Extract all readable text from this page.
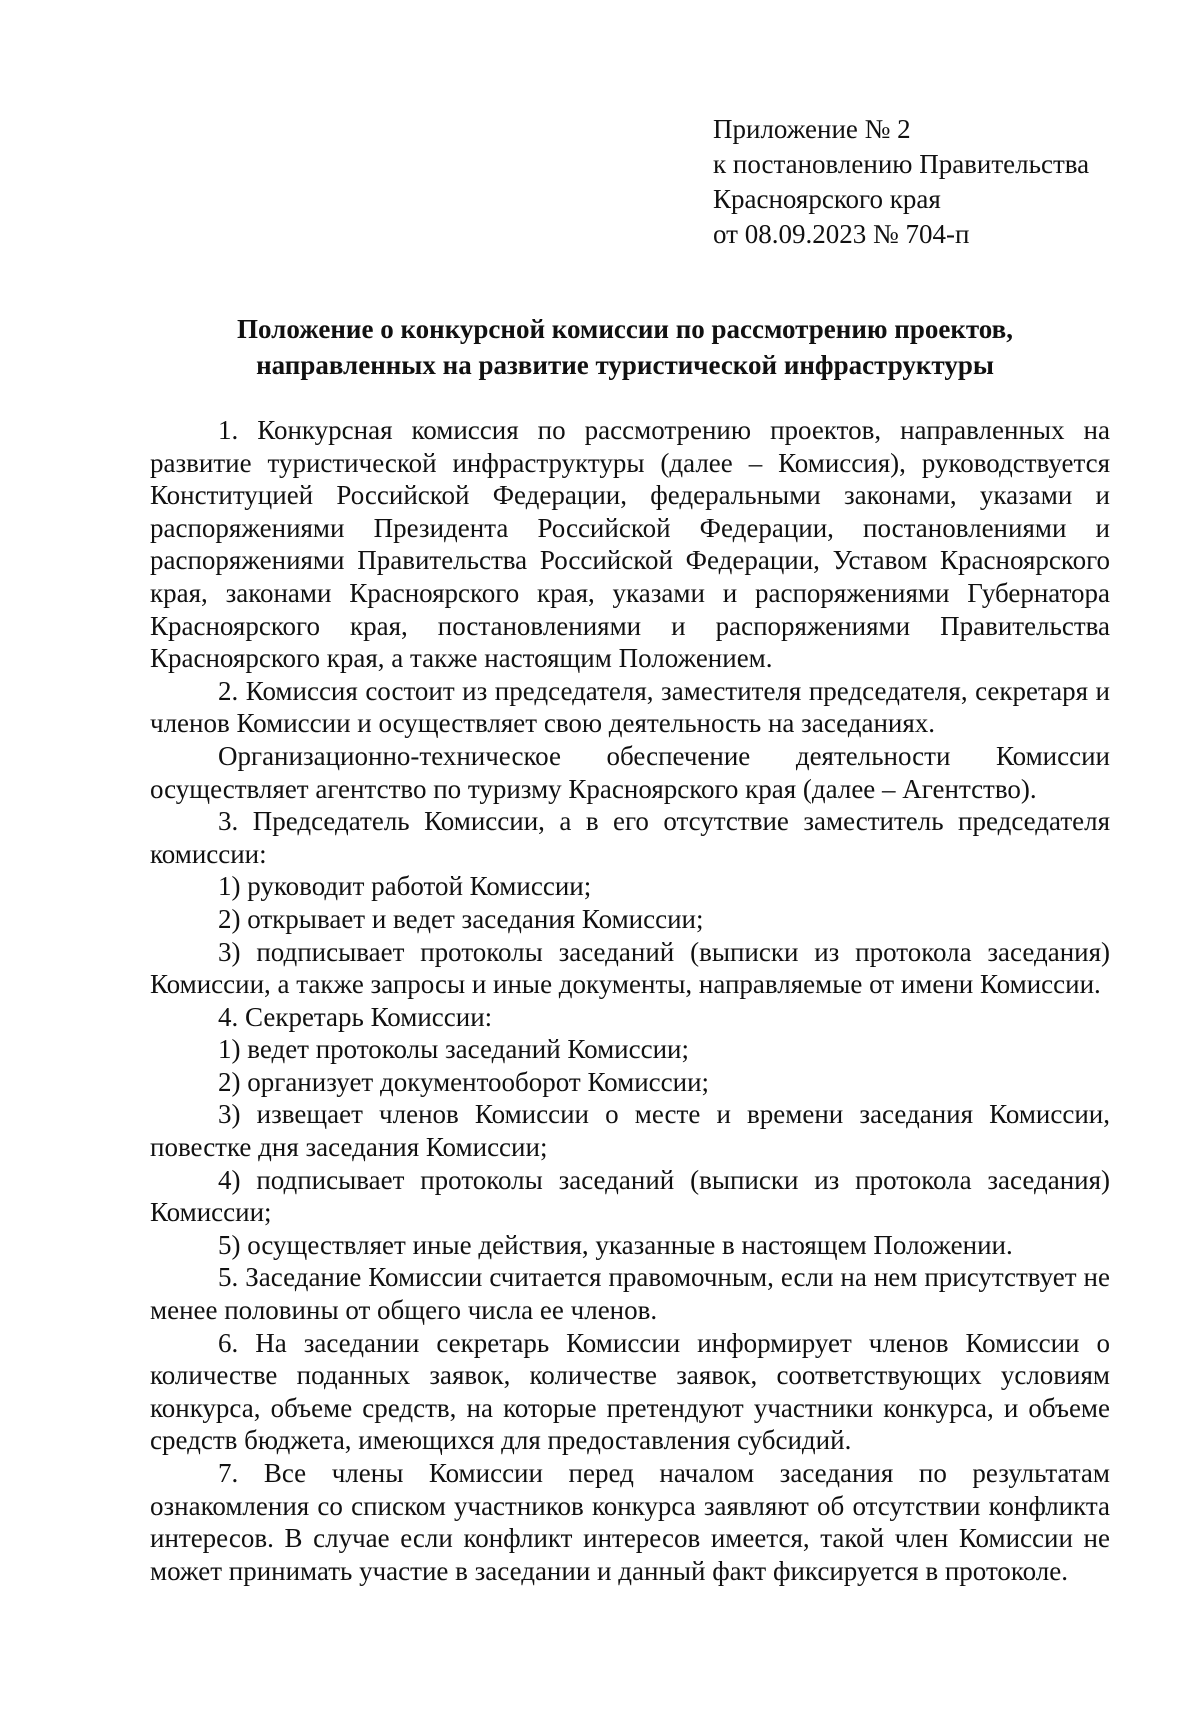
Приложение № 2
к постановлению Правительства
Красноярского края
от 08.09.2023 № 704-п
Положение о конкурсной комиссии по рассмотрению проектов,
направленных на развитие туристической инфраструктуры

1. Конкурсная комиссия по рассмотрению проектов, направленных на развитие туристической инфраструктуры (далее – Комиссия), руководствуется Конституцией Российской Федерации, федеральными законами, указами и распоряжениями Президента Российской Федерации, постановлениями и распоряжениями Правительства Российской Федерации, Уставом Красноярского края, законами Красноярского края, указами и распоряжениями Губернатора Красноярского края, постановлениями и распоряжениями Правительства Красноярского края, а также настоящим Положением.

2. Комиссия состоит из председателя, заместителя председателя, секретаря и членов Комиссии и осуществляет свою деятельность на заседаниях.

Организационно-техническое обеспечение деятельности Комиссии осуществляет агентство по туризму Красноярского края (далее – Агентство).

3. Председатель Комиссии, а в его отсутствие заместитель председателя комиссии:

1) руководит работой Комиссии;

2) открывает и ведет заседания Комиссии;

3) подписывает протоколы заседаний (выписки из протокола заседания) Комиссии, а также запросы и иные документы, направляемые от имени Комиссии.

4. Секретарь Комиссии:

1) ведет протоколы заседаний Комиссии;

2) организует документооборот Комиссии;

3) извещает членов Комиссии о месте и времени заседания Комиссии, повестке дня заседания Комиссии;

4) подписывает протоколы заседаний (выписки из протокола заседания) Комиссии;

5) осуществляет иные действия, указанные в настоящем Положении.

5. Заседание Комиссии считается правомочным, если на нем присутствует не менее половины от общего числа ее членов.

6. На заседании секретарь Комиссии информирует членов Комиссии о количестве поданных заявок, количестве заявок, соответствующих условиям конкурса, объеме средств, на которые претендуют участники конкурса, и объеме средств бюджета, имеющихся для предоставления субсидий.

7. Все члены Комиссии перед началом заседания по результатам ознакомления со списком участников конкурса заявляют об отсутствии конфликта интересов. В случае если конфликт интересов имеется, такой член Комиссии не может принимать участие в заседании и данный факт фиксируется в протоколе.
